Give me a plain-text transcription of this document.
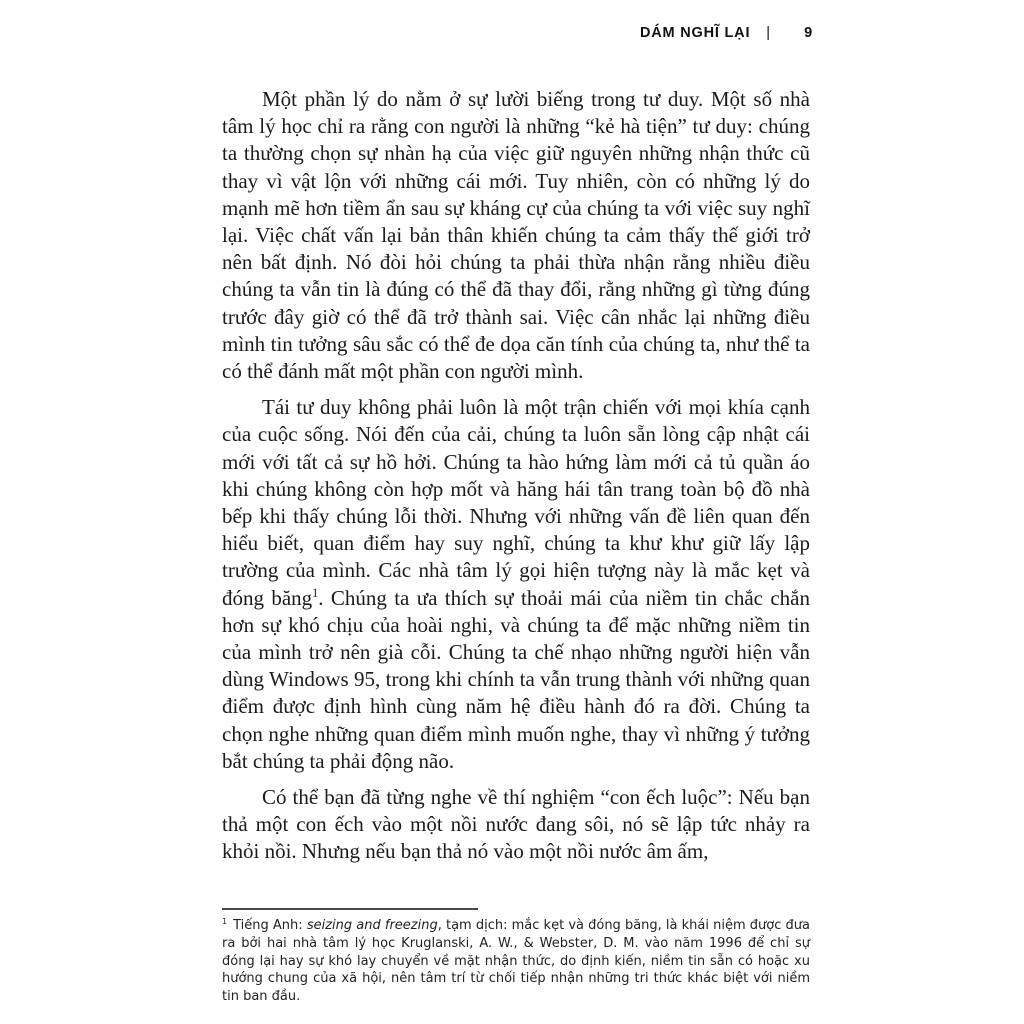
DÁM NGHĨ LẠI | 9

Một phần lý do nằm ở sự lười biếng trong tư duy. Một số nhà tâm lý học chỉ ra rằng con người là những “kẻ hà tiện” tư duy: chúng ta thường chọn sự nhàn hạ của việc giữ nguyên những nhận thức cũ thay vì vật lộn với những cái mới. Tuy nhiên, còn có những lý do mạnh mẽ hơn tiềm ẩn sau sự kháng cự của chúng ta với việc suy nghĩ lại. Việc chất vấn lại bản thân khiến chúng ta cảm thấy thế giới trở nên bất định. Nó đòi hỏi chúng ta phải thừa nhận rằng nhiều điều chúng ta vẫn tin là đúng có thể đã thay đổi, rằng những gì từng đúng trước đây giờ có thể đã trở thành sai. Việc cân nhắc lại những điều mình tin tưởng sâu sắc có thể đe dọa căn tính của chúng ta, như thể ta có thể đánh mất một phần con người mình.

Tái tư duy không phải luôn là một trận chiến với mọi khía cạnh của cuộc sống. Nói đến của cải, chúng ta luôn sẵn lòng cập nhật cái mới với tất cả sự hồ hởi. Chúng ta hào hứng làm mới cả tủ quần áo khi chúng không còn hợp mốt và hăng hái tân trang toàn bộ đồ nhà bếp khi thấy chúng lỗi thời. Nhưng với những vấn đề liên quan đến hiểu biết, quan điểm hay suy nghĩ, chúng ta khư khư giữ lấy lập trường của mình. Các nhà tâm lý gọi hiện tượng này là mắc kẹt và đóng băng$^1$. Chúng ta ưa thích sự thoải mái của niềm tin chắc chắn hơn sự khó chịu của hoài nghi, và chúng ta để mặc những niềm tin của mình trở nên già cỗi. Chúng ta chế nhạo những người hiện vẫn dùng Windows 95, trong khi chính ta vẫn trung thành với những quan điểm được định hình cùng năm hệ điều hành đó ra đời. Chúng ta chọn nghe những quan điểm mình muốn nghe, thay vì những ý tưởng bắt chúng ta phải động não.

Có thể bạn đã từng nghe về thí nghiệm “con ếch luộc”: Nếu bạn thả một con ếch vào một nồi nước đang sôi, nó sẽ lập tức nhảy ra khỏi nồi. Nhưng nếu bạn thả nó vào một nồi nước âm ấm,

$^1$ Tiếng Anh: seizing and freezing, tạm dịch: mắc kẹt và đóng băng, là khái niệm được đưa ra bởi hai nhà tâm lý học Kruglanski, A. W., & Webster, D. M. vào năm 1996 để chỉ sự đóng lại hay sự khó lay chuyển về mặt nhận thức, do định kiến, niềm tin sẵn có hoặc xu hướng chung của xã hội, nên tâm trí từ chối tiếp nhận những tri thức khác biệt với niềm tin ban đầu.
